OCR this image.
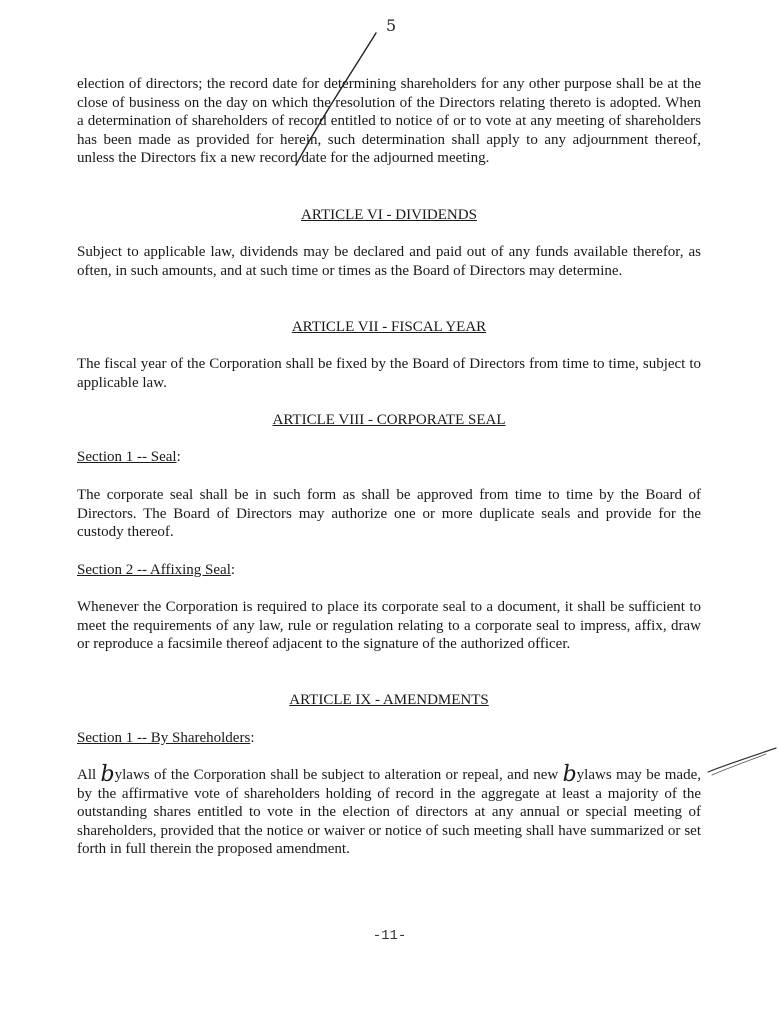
5

election of directors; the record date for determining shareholders for any other purpose shall be at the close of business on the day on which the resolution of the Directors relating thereto is adopted. When a determination of shareholders of record entitled to notice of or to vote at any meeting of shareholders has been made as provided for herein, such determination shall apply to any adjournment thereof, unless the Directors fix a new record date for the adjourned meeting.

ARTICLE VI - DIVIDENDS

Subject to applicable law, dividends may be declared and paid out of any funds available therefor, as often, in such amounts, and at such time or times as the Board of Directors may determine.

ARTICLE VII - FISCAL YEAR

The fiscal year of the Corporation shall be fixed by the Board of Directors from time to time, subject to applicable law.

ARTICLE VIII - CORPORATE SEAL

Section 1 -- Seal:

The corporate seal shall be in such form as shall be approved from time to time by the Board of Directors. The Board of Directors may authorize one or more duplicate seals and provide for the custody thereof.

Section 2 -- Affixing Seal:

Whenever the Corporation is required to place its corporate seal to a document, it shall be sufficient to meet the requirements of any law, rule or regulation relating to a corporate seal to impress, affix, draw or reproduce a facsimile thereof adjacent to the signature of the authorized officer.

ARTICLE IX - AMENDMENTS

Section 1 -- By Shareholders:

All bylaws of the Corporation shall be subject to alteration or repeal, and new bylaws may be made, by the affirmative vote of shareholders holding of record in the aggregate at least a majority of the outstanding shares entitled to vote in the election of directors at any annual or special meeting of shareholders, provided that the notice or waiver or notice of such meeting shall have summarized or set forth in full therein the proposed amendment.

-11-
